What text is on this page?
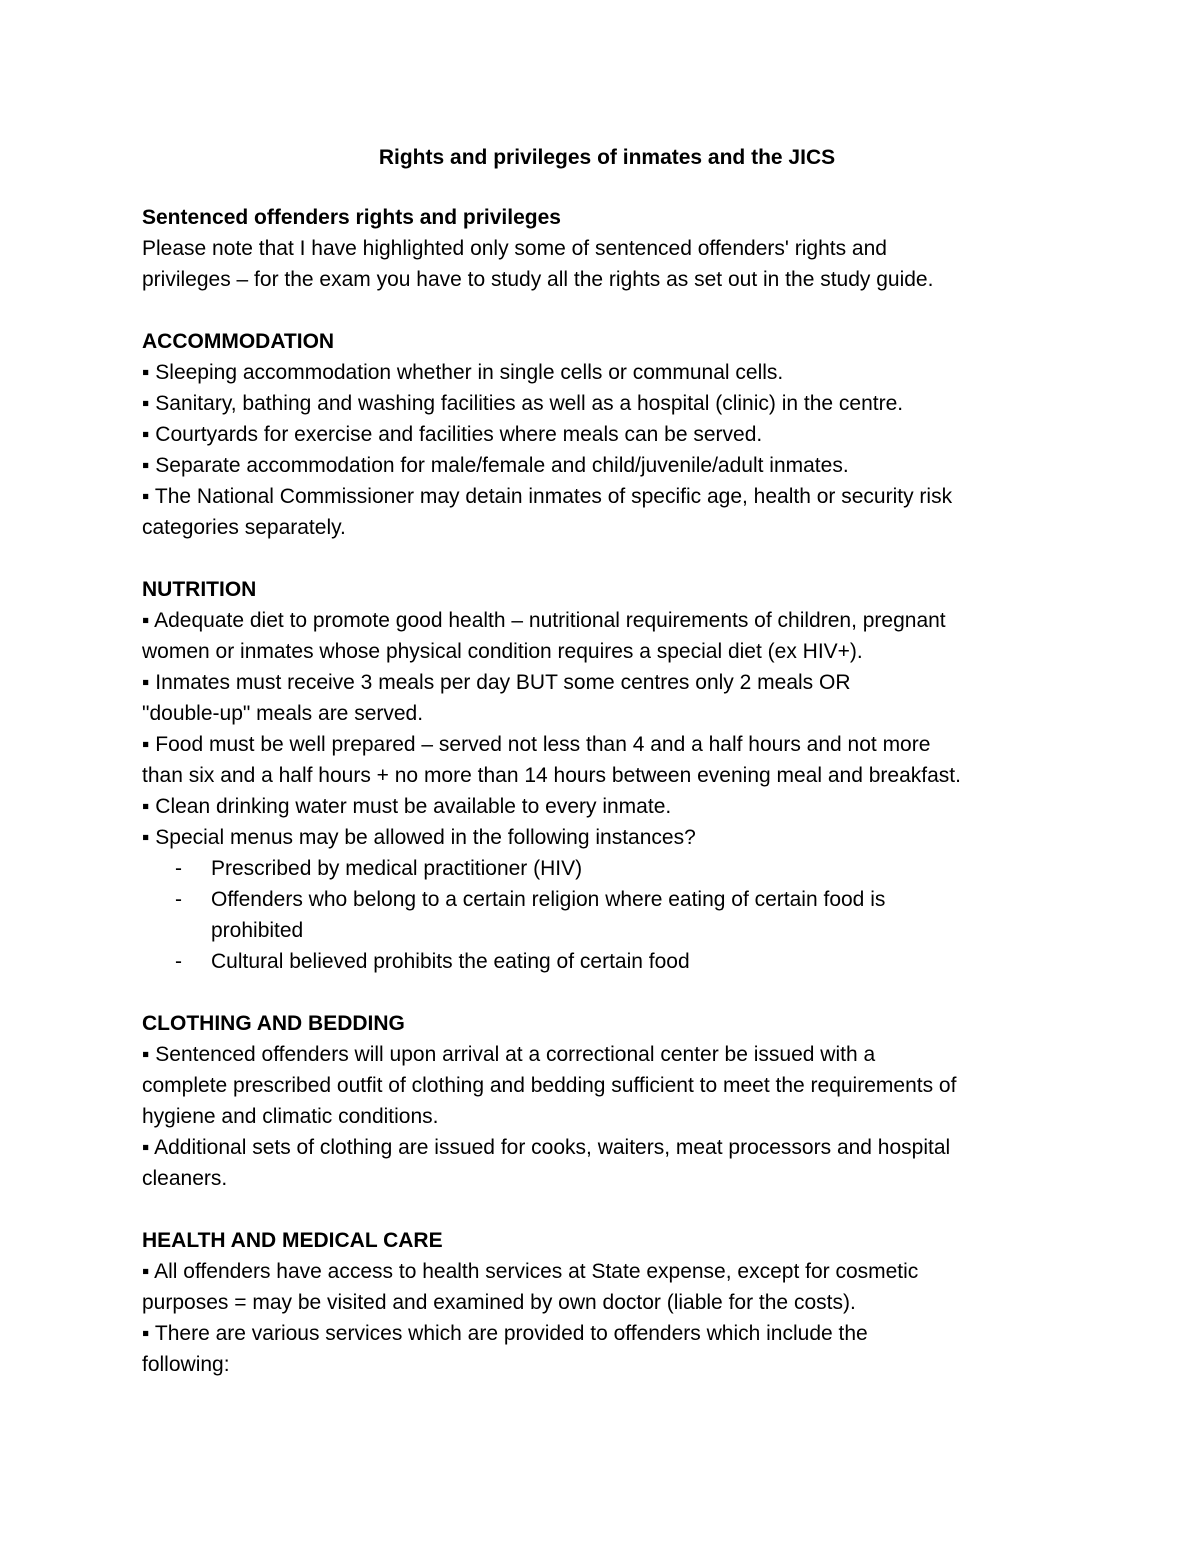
Rights and privileges of inmates and the JICS

Sentenced offenders rights and privileges

Please note that I have highlighted only some of sentenced offenders' rights and

privileges – for the exam you have to study all the rights as set out in the study guide.

ACCOMMODATION

▪ Sleeping accommodation whether in single cells or communal cells.

▪ Sanitary, bathing and washing facilities as well as a hospital (clinic) in the centre.

▪ Courtyards for exercise and facilities where meals can be served.

▪ Separate accommodation for male/female and child/juvenile/adult inmates.

▪ The National Commissioner may detain inmates of specific age, health or security risk

categories separately.

NUTRITION

▪ Adequate diet to promote good health – nutritional requirements of children, pregnant

women or inmates whose physical condition requires a special diet (ex HIV+).

▪ Inmates must receive 3 meals per day BUT some centres only 2 meals OR

"double-up" meals are served.

▪ Food must be well prepared – served not less than 4 and a half hours and not more

than six and a half hours + no more than 14 hours between evening meal and breakfast.

▪ Clean drinking water must be available to every inmate.

▪ Special menus may be allowed in the following instances?

- Prescribed by medical practitioner (HIV)
- Offenders who belong to a certain religion where eating of certain food is
prohibited
- Cultural believed prohibits the eating of certain food

CLOTHING AND BEDDING

▪ Sentenced offenders will upon arrival at a correctional center be issued with a

complete prescribed outfit of clothing and bedding sufficient to meet the requirements of

hygiene and climatic conditions.

▪ Additional sets of clothing are issued for cooks, waiters, meat processors and hospital

cleaners.

HEALTH AND MEDICAL CARE

▪ All offenders have access to health services at State expense, except for cosmetic

purposes = may be visited and examined by own doctor (liable for the costs).

▪ There are various services which are provided to offenders which include the

following:
